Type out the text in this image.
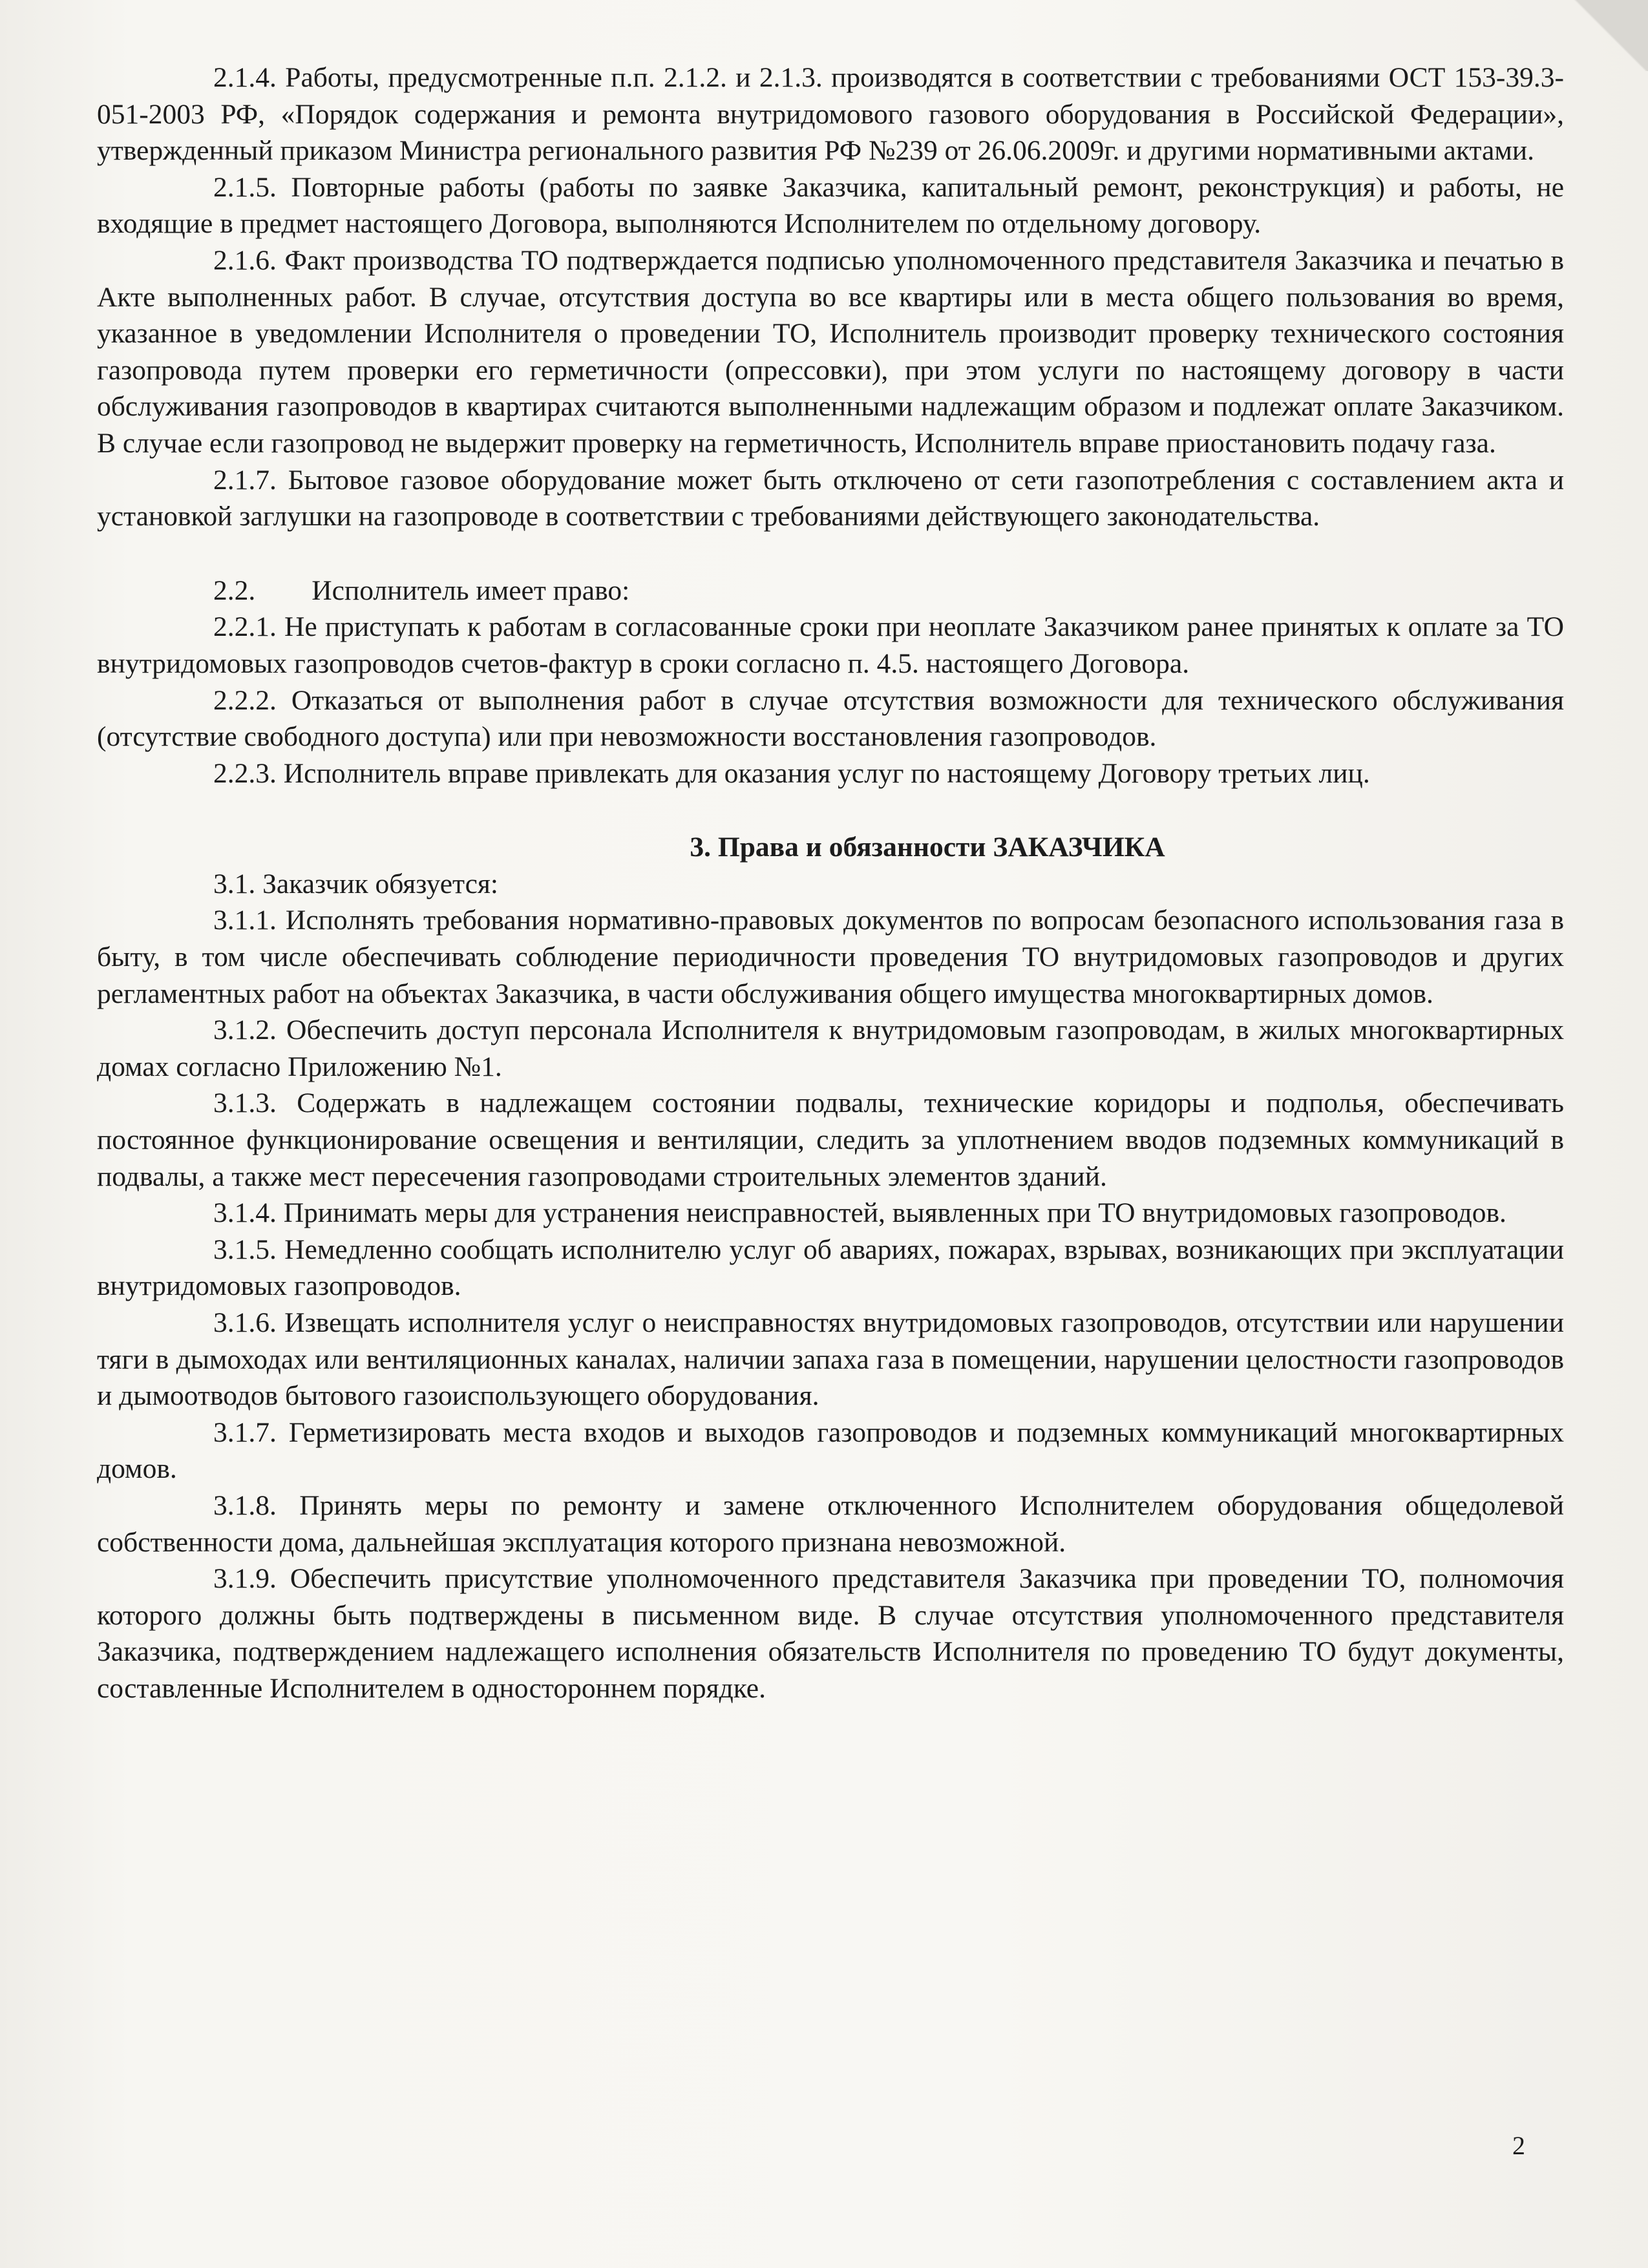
2.1.4. Работы, предусмотренные п.п. 2.1.2. и 2.1.3. производятся в соответствии с требованиями ОСТ 153-39.3-051-2003 РФ, «Порядок содержания и ремонта внутридомового газового оборудования в Российской Федерации», утвержденный приказом Министра регионального развития РФ №239 от 26.06.2009г. и другими нормативными актами.

2.1.5. Повторные работы (работы по заявке Заказчика, капитальный ремонт, реконструкция) и работы, не входящие в предмет настоящего Договора, выполняются Исполнителем по отдельному договору.

2.1.6. Факт производства ТО подтверждается подписью уполномоченного представителя Заказчика и печатью в Акте выполненных работ. В случае, отсутствия доступа во все квартиры или в места общего пользования во время, указанное в уведомлении Исполнителя о проведении ТО, Исполнитель производит проверку технического состояния газопровода путем проверки его герметичности (опрессовки), при этом услуги по настоящему договору в части обслуживания газопроводов в квартирах считаются выполненными надлежащим образом и подлежат оплате Заказчиком. В случае если газопровод не выдержит проверку на герметичность, Исполнитель вправе приостановить подачу газа.

2.1.7. Бытовое газовое оборудование может быть отключено от сети газопотребления с составлением акта и установкой заглушки на газопроводе в соответствии с требованиями действующего законодательства.

2.2.  Исполнитель имеет право:

2.2.1. Не приступать к работам в согласованные сроки при неоплате Заказчиком ранее принятых к оплате за ТО внутридомовых газопроводов счетов-фактур в сроки согласно п. 4.5. настоящего Договора.

2.2.2. Отказаться от выполнения работ в случае отсутствия возможности для технического обслуживания (отсутствие свободного доступа) или при невозможности восстановления газопроводов.

2.2.3. Исполнитель вправе привлекать для оказания услуг по настоящему Договору третьих лиц.

3. Права и обязанности ЗАКАЗЧИКА

3.1. Заказчик обязуется:

3.1.1. Исполнять требования нормативно-правовых документов по вопросам безопасного использования газа в быту, в том числе обеспечивать соблюдение периодичности проведения ТО внутридомовых газопроводов и других регламентных работ на объектах Заказчика, в части обслуживания общего имущества многоквартирных домов.

3.1.2. Обеспечить доступ персонала Исполнителя к внутридомовым газопроводам, в жилых многоквартирных домах согласно Приложению №1.

3.1.3. Содержать в надлежащем состоянии подвалы, технические коридоры и подполья, обеспечивать постоянное функционирование освещения и вентиляции, следить за уплотнением вводов подземных коммуникаций в подвалы, а также мест пересечения газопроводами строительных элементов зданий.

3.1.4. Принимать меры для устранения неисправностей, выявленных при ТО внутридомовых газопроводов.

3.1.5. Немедленно сообщать исполнителю услуг об авариях, пожарах, взрывах, возникающих при эксплуатации внутридомовых газопроводов.

3.1.6. Извещать исполнителя услуг о неисправностях внутридомовых газопроводов, отсутствии или нарушении тяги в дымоходах или вентиляционных каналах, наличии запаха газа в помещении, нарушении целостности газопроводов и дымоотводов бытового газоиспользующего оборудования.

3.1.7. Герметизировать места входов и выходов газопроводов и подземных коммуникаций многоквартирных домов.

3.1.8. Принять меры по ремонту и замене отключенного Исполнителем оборудования общедолевой собственности дома, дальнейшая эксплуатация которого признана невозможной.

3.1.9. Обеспечить присутствие уполномоченного представителя Заказчика при проведении ТО, полномочия которого должны быть подтверждены в письменном виде. В случае отсутствия уполномоченного представителя Заказчика, подтверждением надлежащего исполнения обязательств Исполнителя по проведению ТО будут документы, составленные Исполнителем в одностороннем порядке.

2
